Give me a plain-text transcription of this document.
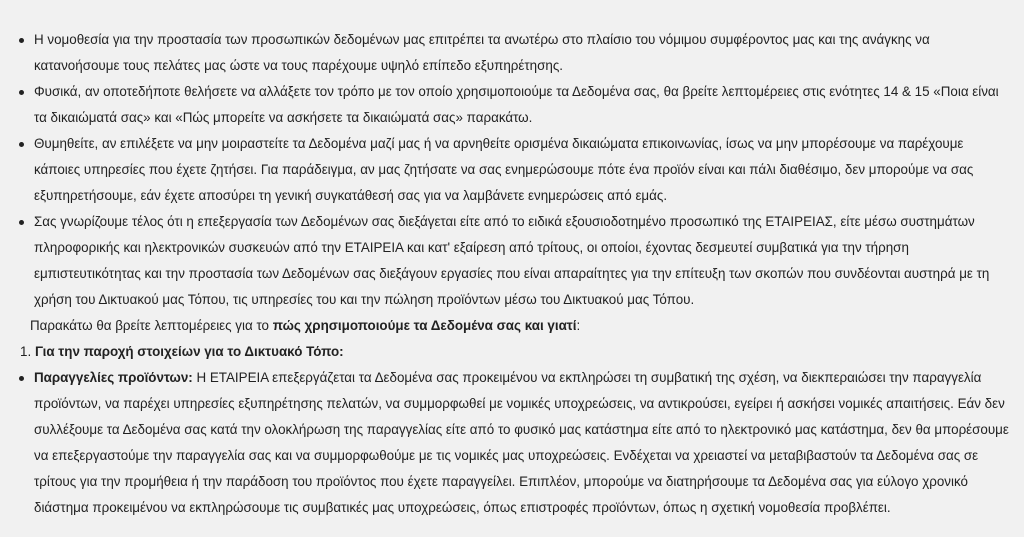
Η νομοθεσία για την προστασία των προσωπικών δεδομένων μας επιτρέπει τα ανωτέρω στο πλαίσιο του νόμιμου συμφέροντος μας και της ανάγκης να κατανοήσουμε τους πελάτες μας ώστε να τους παρέχουμε υψηλό επίπεδο εξυπηρέτησης.
Φυσικά, αν οποτεδήποτε θελήσετε να αλλάξετε τον τρόπο με τον οποίο χρησιμοποιούμε τα Δεδομένα σας, θα βρείτε λεπτομέρειες στις ενότητες 14 & 15 «Ποια είναι τα δικαιώματά σας» και «Πώς μπορείτε να ασκήσετε τα δικαιώματά σας» παρακάτω.
Θυμηθείτε, αν επιλέξετε να μην μοιραστείτε τα Δεδομένα μαζί μας ή να αρνηθείτε ορισμένα δικαιώματα επικοινωνίας, ίσως να μην μπορέσουμε να παρέχουμε κάποιες υπηρεσίες που έχετε ζητήσει. Για παράδειγμα, αν μας ζητήσατε να σας ενημερώσουμε πότε ένα προϊόν είναι και πάλι διαθέσιμο, δεν μπορούμε να σας εξυπηρετήσουμε, εάν έχετε αποσύρει τη γενική συγκατάθεσή σας για να λαμβάνετε ενημερώσεις από εμάς.
Σας γνωρίζουμε τέλος ότι η επεξεργασία των Δεδομένων σας διεξάγεται είτε από το ειδικά εξουσιοδοτημένο προσωπικό της ΕΤΑΙΡΕΙΑΣ, είτε μέσω συστημάτων πληροφορικής και ηλεκτρονικών συσκευών από την ΕΤΑΙΡΕΙΑ και κατ' εξαίρεση από τρίτους, οι οποίοι, έχοντας δεσμευτεί συμβατικά για την τήρηση εμπιστευτικότητας και την προστασία των Δεδομένων σας διεξάγουν εργασίες που είναι απαραίτητες για την επίτευξη των σκοπών που συνδέονται αυστηρά με τη χρήση του Δικτυακού μας Τόπου, τις υπηρεσίες του και την πώληση προϊόντων μέσω του Δικτυακού μας Τόπου.

Παρακάτω θα βρείτε λεπτομέρειες για το πώς χρησιμοποιούμε τα Δεδομένα σας και γιατί:

1. Για την παροχή στοιχείων για το Δικτυακό Τόπο:
Παραγγελίες προϊόντων: Η ΕΤΑΙΡΕΙΑ επεξεργάζεται τα Δεδομένα σας προκειμένου να εκπληρώσει τη συμβατική της σχέση, να διεκπεραιώσει την παραγγελία προϊόντων, να παρέχει υπηρεσίες εξυπηρέτησης πελατών, να συμμορφωθεί με νομικές υποχρεώσεις, να αντικρούσει, εγείρει ή ασκήσει νομικές απαιτήσεις. Εάν δεν συλλέξουμε τα Δεδομένα σας κατά την ολοκλήρωση της παραγγελίας είτε από το φυσικό μας κατάστημα είτε από το ηλεκτρονικό μας κατάστημα, δεν θα μπορέσουμε να επεξεργαστούμε την παραγγελία σας και να συμμορφωθούμε με τις νομικές μας υποχρεώσεις. Ενδέχεται να χρειαστεί να μεταβιβαστούν τα Δεδομένα σας σε τρίτους για την προμήθεια ή την παράδοση του προϊόντος που έχετε παραγγείλει. Επιπλέον, μπορούμε να διατηρήσουμε τα Δεδομένα σας για εύλογο χρονικό διάστημα προκειμένου να εκπληρώσουμε τις συμβατικές μας υποχρεώσεις, όπως επιστροφές προϊόντων, όπως η σχετική νομοθεσία προβλέπει.
